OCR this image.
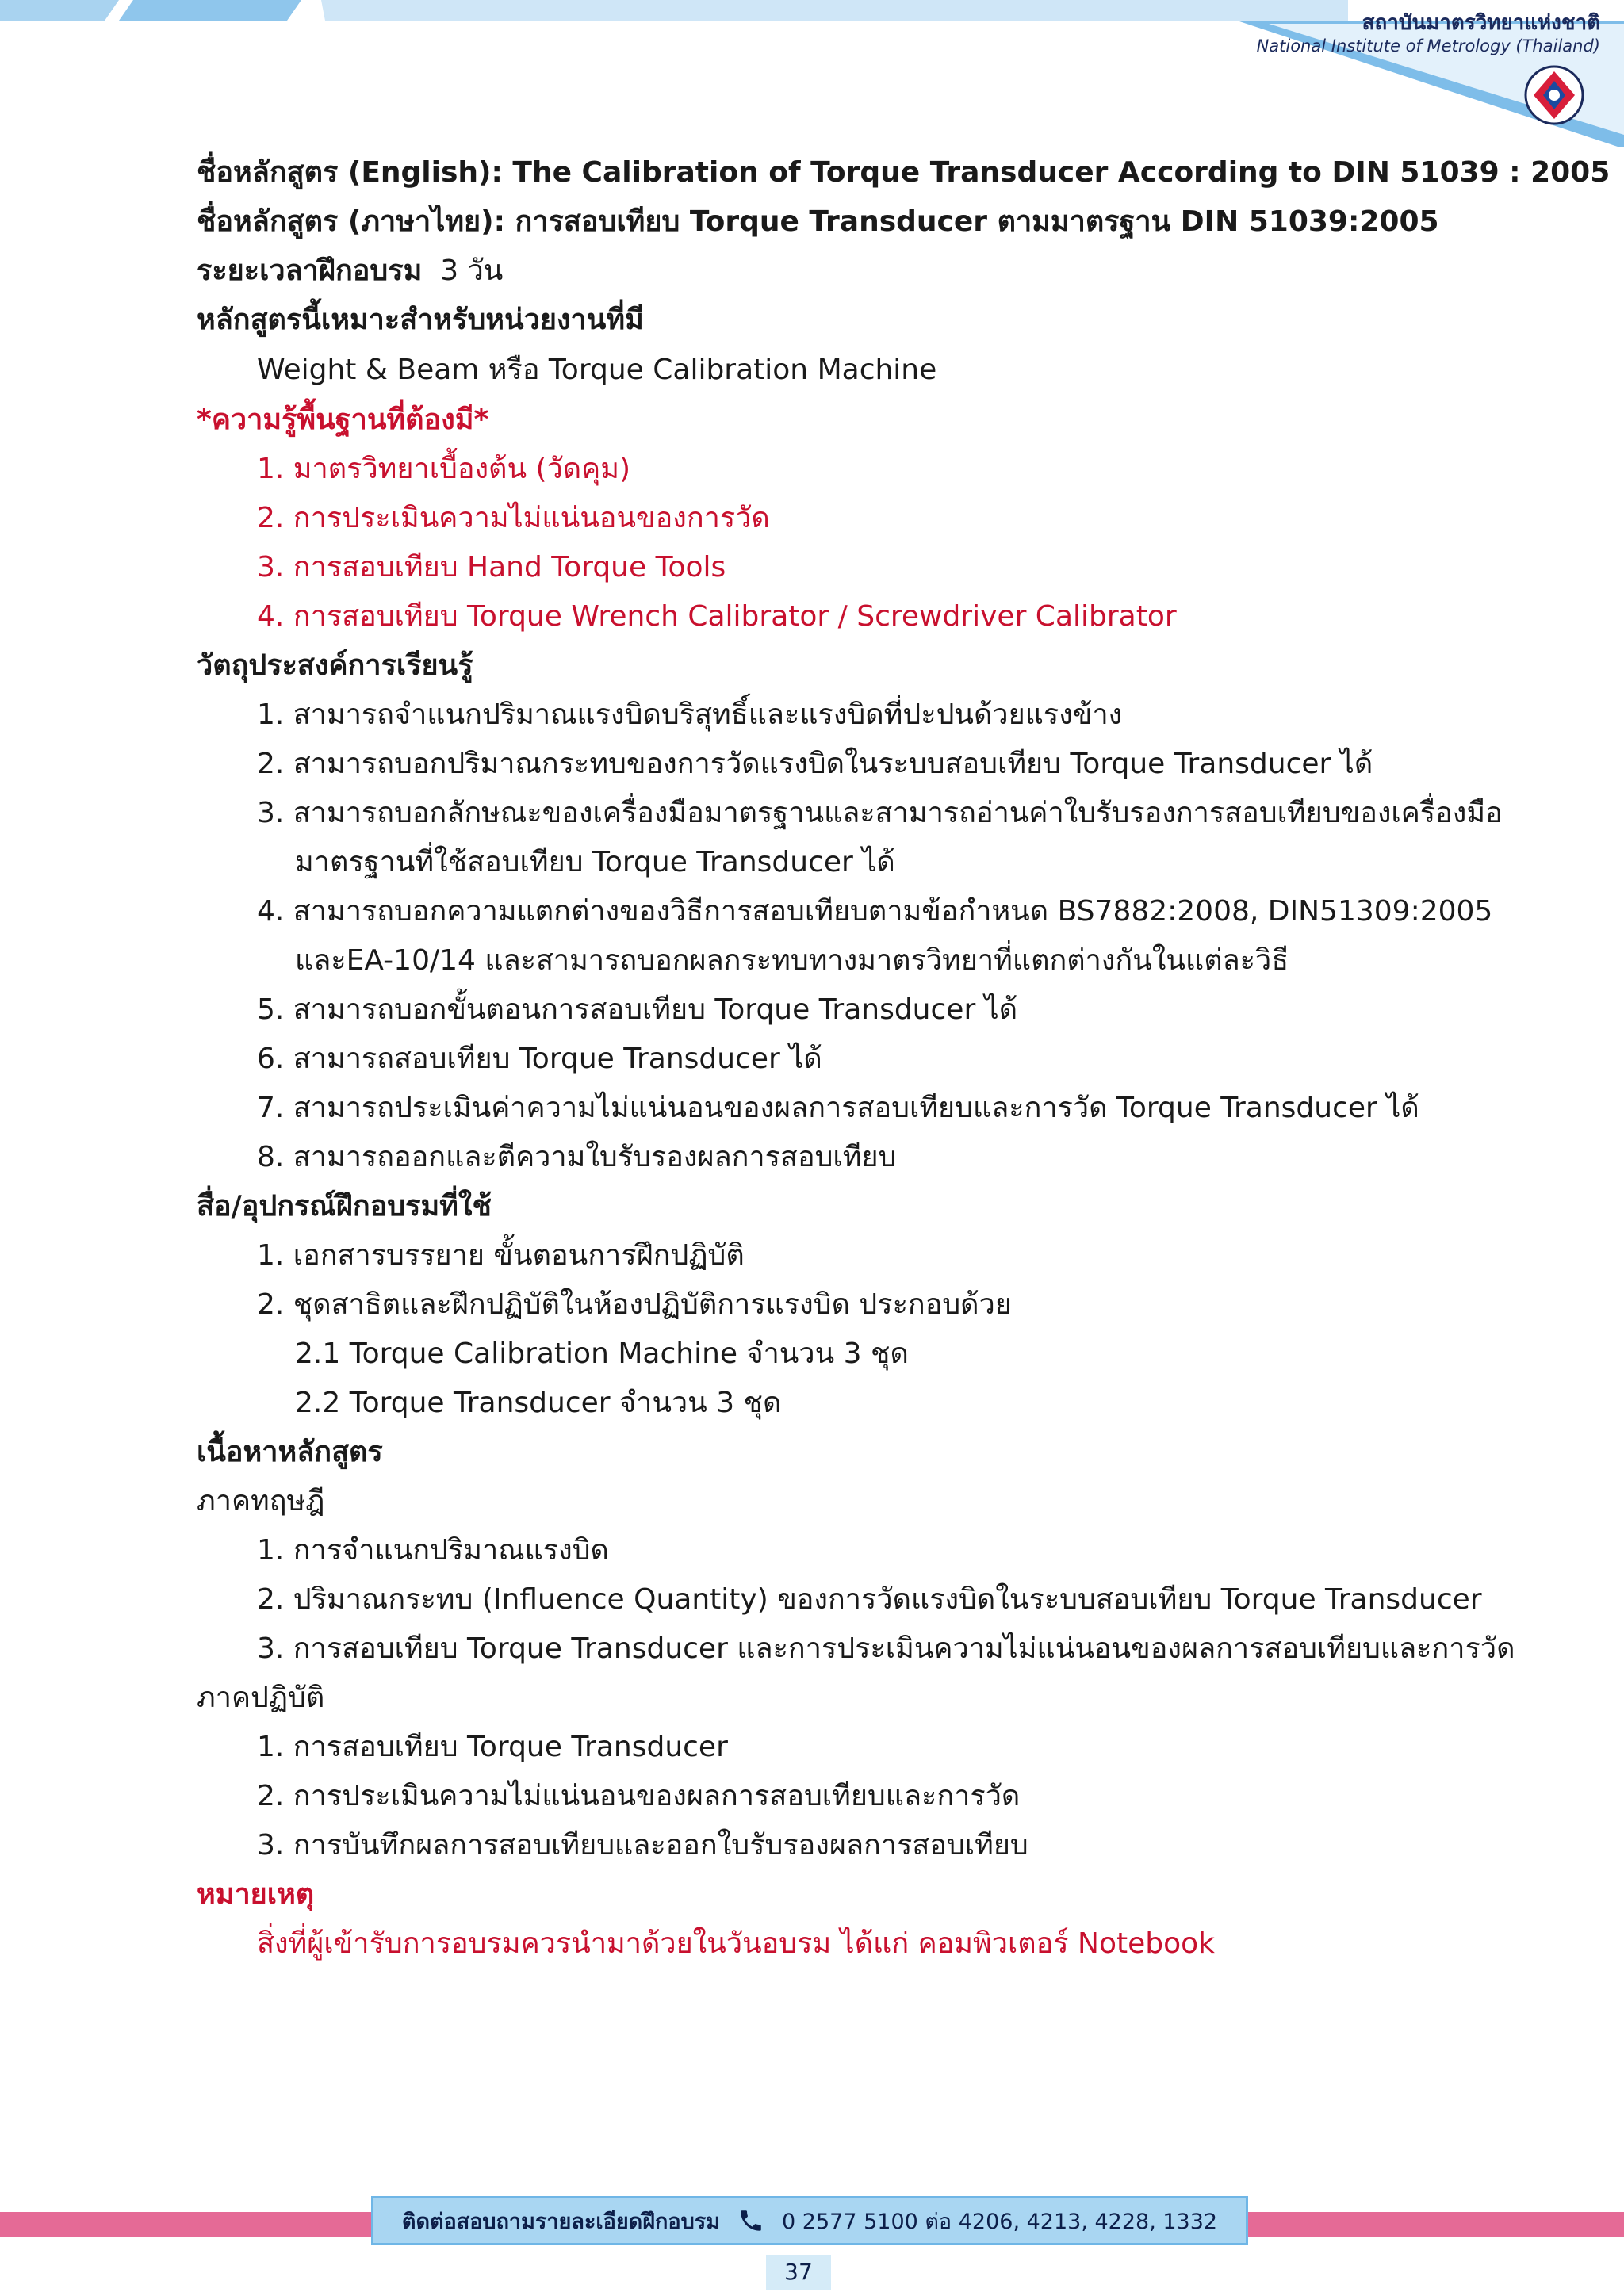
สถาบันมาตรวิทยาแห่งชาติ
National Institute of Metrology (Thailand)
ชื่อหลักสูตร (English): The Calibration of Torque Transducer According to DIN 51039 : 2005
ชื่อหลักสูตร (ภาษาไทย): การสอบเทียบ Torque Transducer ตามมาตรฐาน DIN 51039:2005
ระยะเวลาฝึกอบรม 3 วัน
หลักสูตรนี้เหมาะสำหรับหน่วยงานที่มี
Weight & Beam หรือ Torque Calibration Machine
*ความรู้พื้นฐานที่ต้องมี*
1. มาตรวิทยาเบื้องต้น (วัดคุม)
2. การประเมินความไม่แน่นอนของการวัด
3. การสอบเทียบ Hand Torque Tools
4. การสอบเทียบ Torque Wrench Calibrator / Screwdriver Calibrator
วัตถุประสงค์การเรียนรู้
1. สามารถจำแนกปริมาณแรงบิดบริสุทธิ์และแรงบิดที่ปะปนด้วยแรงข้าง
2. สามารถบอกปริมาณกระทบของการวัดแรงบิดในระบบสอบเทียบ Torque Transducer ได้
3. สามารถบอกลักษณะของเครื่องมือมาตรฐานและสามารถอ่านค่าใบรับรองการสอบเทียบของเครื่องมือ
มาตรฐานที่ใช้สอบเทียบ Torque Transducer ได้
4. สามารถบอกความแตกต่างของวิธีการสอบเทียบตามข้อกำหนด BS7882:2008, DIN51309:2005
และEA-10/14 และสามารถบอกผลกระทบทางมาตรวิทยาที่แตกต่างกันในแต่ละวิธี
5. สามารถบอกขั้นตอนการสอบเทียบ Torque Transducer ได้
6. สามารถสอบเทียบ Torque Transducer ได้
7. สามารถประเมินค่าความไม่แน่นอนของผลการสอบเทียบและการวัด Torque Transducer ได้
8. สามารถออกและตีความใบรับรองผลการสอบเทียบ
สื่อ/อุปกรณ์ฝึกอบรมที่ใช้
1. เอกสารบรรยาย ขั้นตอนการฝึกปฏิบัติ
2. ชุดสาธิตและฝึกปฏิบัติในห้องปฏิบัติการแรงบิด ประกอบด้วย
2.1 Torque Calibration Machine จำนวน 3 ชุด
2.2 Torque Transducer จำนวน 3 ชุด
เนื้อหาหลักสูตร
ภาคทฤษฎี
1. การจำแนกปริมาณแรงบิด
2. ปริมาณกระทบ (Influence Quantity) ของการวัดแรงบิดในระบบสอบเทียบ Torque Transducer
3. การสอบเทียบ Torque Transducer และการประเมินความไม่แน่นอนของผลการสอบเทียบและการวัด
ภาคปฏิบัติ
1. การสอบเทียบ Torque Transducer
2. การประเมินความไม่แน่นอนของผลการสอบเทียบและการวัด
3. การบันทึกผลการสอบเทียบและออกใบรับรองผลการสอบเทียบ
หมายเหตุ
สิ่งที่ผู้เข้ารับการอบรมควรนำมาด้วยในวันอบรม ได้แก่ คอมพิวเตอร์ Notebook
ติดต่อสอบถามรายละเอียดฝึกอบรม	0 2577 5100 ต่อ 4206, 4213, 4228, 1332
37
